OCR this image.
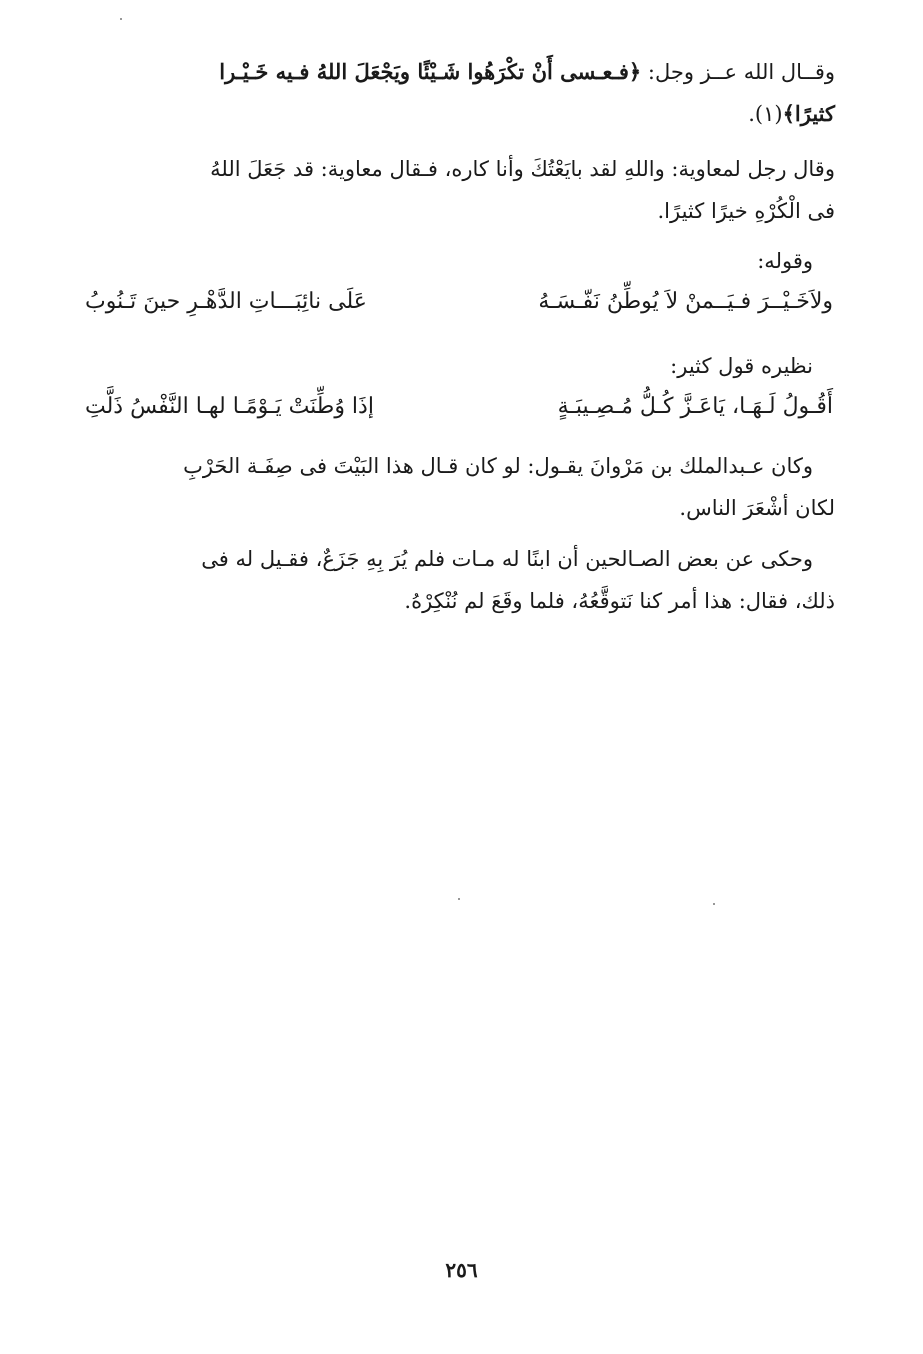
وقــال الله عــز وجل: ﴿فـعـسى أَنْ تكْرَهُوا شَـيْئًا ويَجْعَلَ اللهُ فـيه خَـيْـرا
كثيرًا﴾(١).
وقال رجل لمعاوية: واللهِ لقد بايَعْتُكَ وأنا كاره، فـقال معاوية: قد جَعَلَ اللهُ
فى الْكُرْهِ خيرًا كثيرًا.
وقوله:
ولاَخَـيْــرَ فـيَــمنْ لاَ يُوطِّنُ نَفّـسَـهُ
عَلَى نائِبَـــاتِ الدَّهْـرِ حينَ تَـنُوبُ
نظيره قول كثير:
أَقُـولُ لَـهَـا، يَاعَـزَّ كُـلُّ مُـصِـيبَـةٍ
إذَا وُطِّنَتْ يَـوْمًـا لهـا النَّفْسُ ذَلَّتِ
وكان عـبدالملك بن مَرْوانَ يقـول: لو كان قـال هذا البَيْتَ فى صِفَـة الحَرْبِ
لكان أشْعَرَ الناس.
وحكى عن بعض الصـالحين أن ابنًا له مـات فلم يُرَ بِهِ جَزَعٌ، فقـيل له فى
ذلك، فقال: هذا أمر كنا نَتوقَّعُهُ، فلما وقَعَ لم نُنْكِرْهُ.
٢٥٦
